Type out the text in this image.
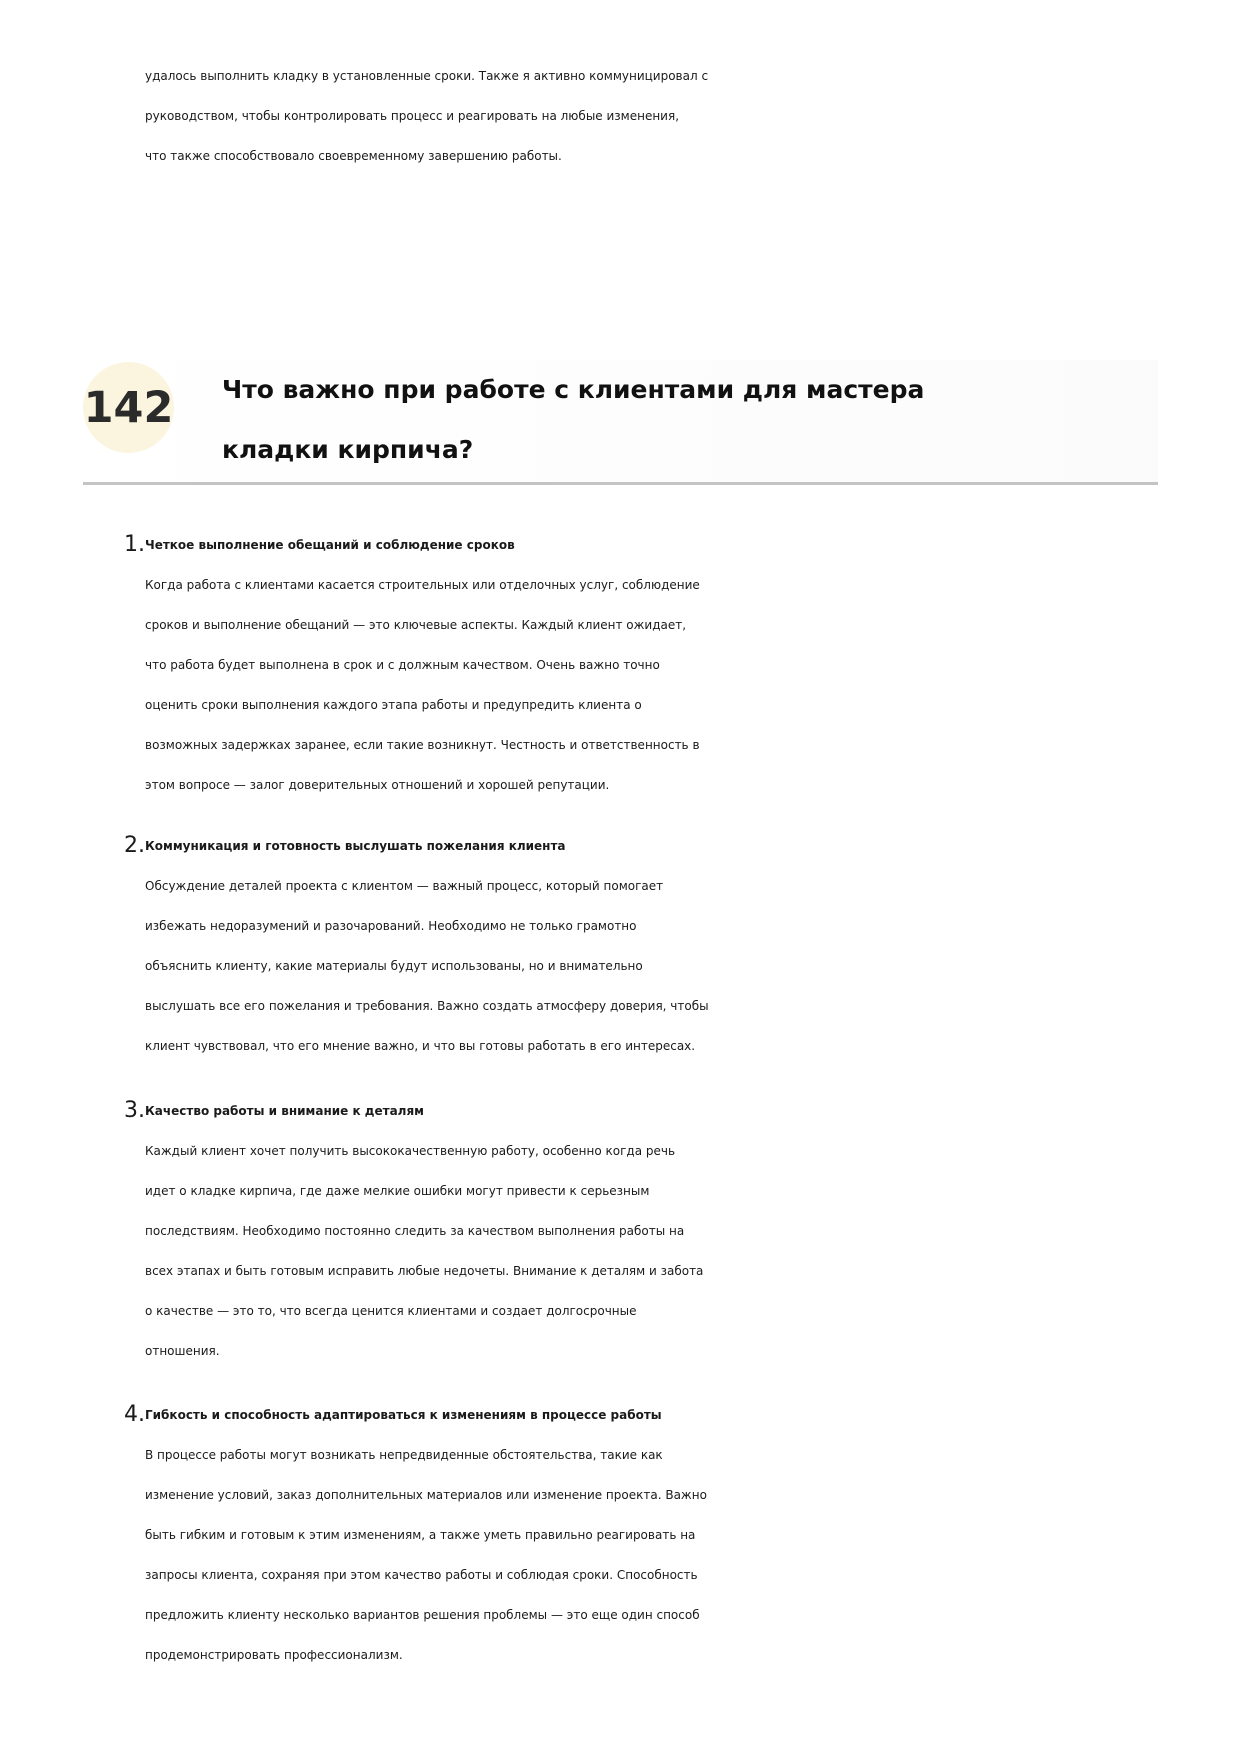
удалось выполнить кладку в установленные сроки. Также я активно коммуницировал с
руководством, чтобы контролировать процесс и реагировать на любые изменения,
что также способствовало своевременному завершению работы.
142 Что важно при работе с клиентами для мастера
кладки кирпича?
1. Четкое выполнение обещаний и соблюдение сроков
Когда работа с клиентами касается строительных или отделочных услуг, соблюдение
сроков и выполнение обещаний — это ключевые аспекты. Каждый клиент ожидает,
что работа будет выполнена в срок и с должным качеством. Очень важно точно
оценить сроки выполнения каждого этапа работы и предупредить клиента о
возможных задержках заранее, если такие возникнут. Честность и ответственность в
этом вопросе — залог доверительных отношений и хорошей репутации.
2. Коммуникация и готовность выслушать пожелания клиента
Обсуждение деталей проекта с клиентом — важный процесс, который помогает
избежать недоразумений и разочарований. Необходимо не только грамотно
объяснить клиенту, какие материалы будут использованы, но и внимательно
выслушать все его пожелания и требования. Важно создать атмосферу доверия, чтобы
клиент чувствовал, что его мнение важно, и что вы готовы работать в его интересах.
3. Качество работы и внимание к деталям
Каждый клиент хочет получить высококачественную работу, особенно когда речь
идет о кладке кирпича, где даже мелкие ошибки могут привести к серьезным
последствиям. Необходимо постоянно следить за качеством выполнения работы на
всех этапах и быть готовым исправить любые недочеты. Внимание к деталям и забота
о качестве — это то, что всегда ценится клиентами и создает долгосрочные
отношения.
4. Гибкость и способность адаптироваться к изменениям в процессе работы
В процессе работы могут возникать непредвиденные обстоятельства, такие как
изменение условий, заказ дополнительных материалов или изменение проекта. Важно
быть гибким и готовым к этим изменениям, а также уметь правильно реагировать на
запросы клиента, сохраняя при этом качество работы и соблюдая сроки. Способность
предложить клиенту несколько вариантов решения проблемы — это еще один способ
продемонстрировать профессионализм.
